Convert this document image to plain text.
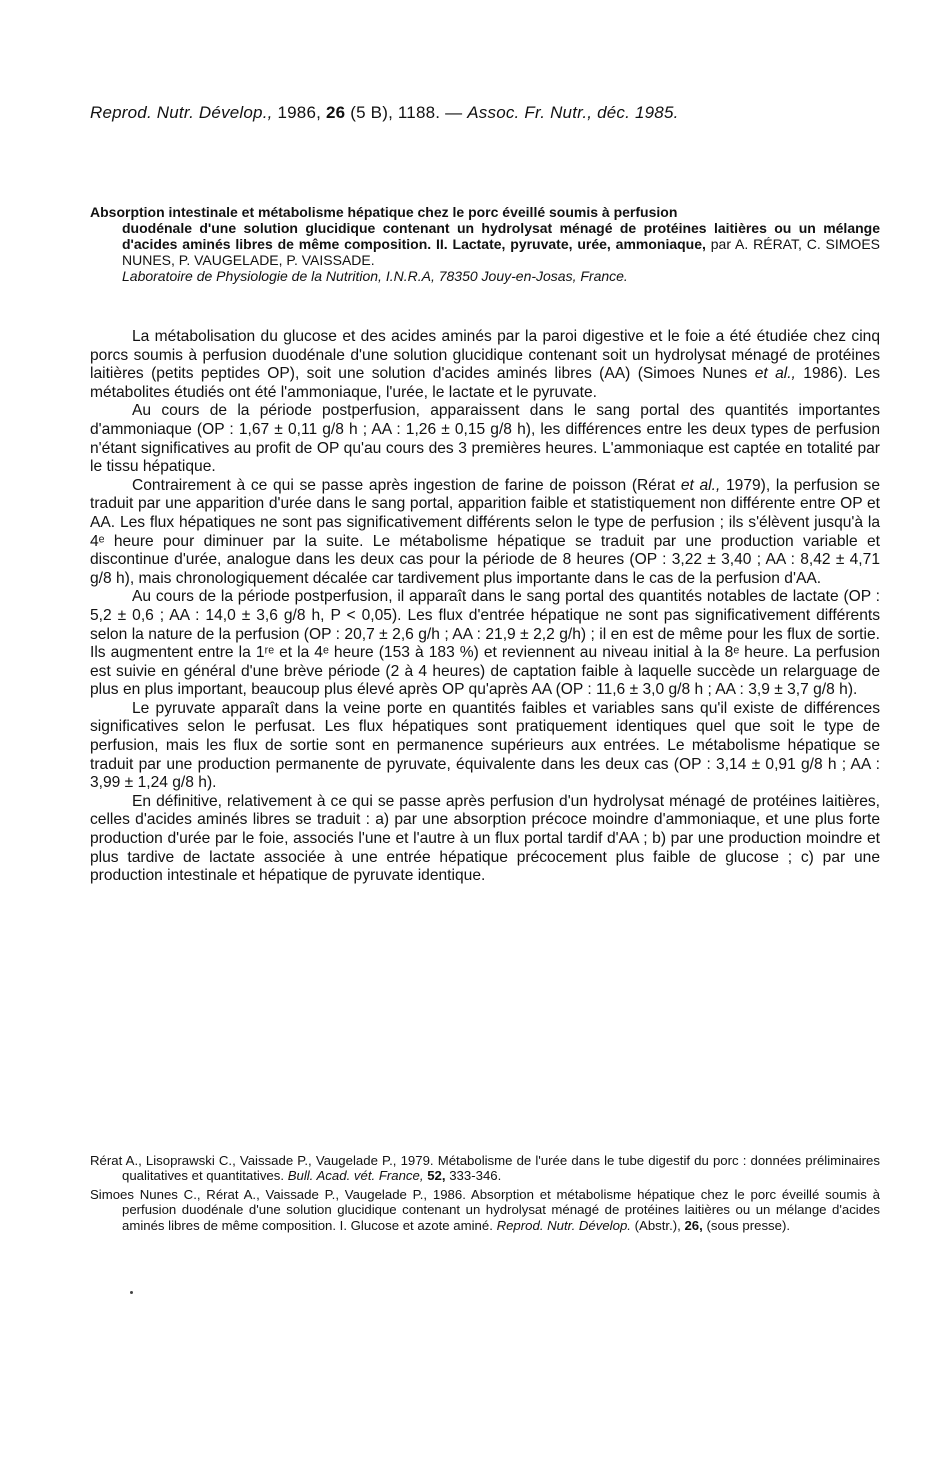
Reprod. Nutr. Dévelop., 1986, 26 (5 B), 1188. — Assoc. Fr. Nutr., déc. 1985.
Absorption intestinale et métabolisme hépatique chez le porc éveillé soumis à perfusion
duodénale d'une solution glucidique contenant un hydrolysat ménagé de protéines laitières ou un mélange d'acides aminés libres de même composition. II. Lactate, pyruvate, urée, ammoniaque, par A. RÉRAT, C. SIMOES NUNES, P. VAUGELADE, P. VAISSADE.
Laboratoire de Physiologie de la Nutrition, I.N.R.A, 78350 Jouy-en-Josas, France.

La métabolisation du glucose et des acides aminés par la paroi digestive et le foie a été étudiée chez cinq porcs soumis à perfusion duodénale d'une solution glucidique contenant soit un hydrolysat ménagé de protéines laitières (petits peptides OP), soit une solution d'acides aminés libres (AA) (Simoes Nunes et al., 1986). Les métabolites étudiés ont été l'ammoniaque, l'urée, le lactate et le pyruvate.

Au cours de la période postperfusion, apparaissent dans le sang portal des quantités importantes d'ammoniaque (OP : 1,67 ± 0,11 g/8 h ; AA : 1,26 ± 0,15 g/8 h), les différences entre les deux types de perfusion n'étant significatives au profit de OP qu'au cours des 3 premières heures. L'ammoniaque est captée en totalité par le tissu hépatique.

Contrairement à ce qui se passe après ingestion de farine de poisson (Rérat et al., 1979), la perfusion se traduit par une apparition d'urée dans le sang portal, apparition faible et statistiquement non différente entre OP et AA. Les flux hépatiques ne sont pas significativement différents selon le type de perfusion ; ils s'élèvent jusqu'à la 4ᵉ heure pour diminuer par la suite. Le métabolisme hépatique se traduit par une production variable et discontinue d'urée, analogue dans les deux cas pour la période de 8 heures (OP : 3,22 ± 3,40 ; AA : 8,42 ± 4,71 g/8 h), mais chronologiquement décalée car tardivement plus importante dans le cas de la perfusion d'AA.

Au cours de la période postperfusion, il apparaît dans le sang portal des quantités notables de lactate (OP : 5,2 ± 0,6 ; AA : 14,0 ± 3,6 g/8 h, P < 0,05). Les flux d'entrée hépatique ne sont pas significativement différents selon la nature de la perfusion (OP : 20,7 ± 2,6 g/h ; AA : 21,9 ± 2,2 g/h) ; il en est de même pour les flux de sortie. Ils augmentent entre la 1ʳᵉ et la 4ᵉ heure (153 à 183 %) et reviennent au niveau initial à la 8ᵉ heure. La perfusion est suivie en général d'une brève période (2 à 4 heures) de captation faible à laquelle succède un relarguage de plus en plus important, beaucoup plus élevé après OP qu'après AA (OP : 11,6 ± 3,0 g/8 h ; AA : 3,9 ± 3,7 g/8 h).

Le pyruvate apparaît dans la veine porte en quantités faibles et variables sans qu'il existe de différences significatives selon le perfusat. Les flux hépatiques sont pratiquement identiques quel que soit le type de perfusion, mais les flux de sortie sont en permanence supérieurs aux entrées. Le métabolisme hépatique se traduit par une production permanente de pyruvate, équivalente dans les deux cas (OP : 3,14 ± 0,91 g/8 h ; AA : 3,99 ± 1,24 g/8 h).

En définitive, relativement à ce qui se passe après perfusion d'un hydrolysat ménagé de protéines laitières, celles d'acides aminés libres se traduit : a) par une absorption précoce moindre d'ammoniaque, et une plus forte production d'urée par le foie, associés l'une et l'autre à un flux portal tardif d'AA ; b) par une production moindre et plus tardive de lactate associée à une entrée hépatique précocement plus faible de glucose ; c) par une production intestinale et hépatique de pyruvate identique.

Rérat A., Lisoprawski C., Vaissade P., Vaugelade P., 1979. Métabolisme de l'urée dans le tube digestif du porc : données préliminaires qualitatives et quantitatives. Bull. Acad. vét. France, 52, 333-346.
Simoes Nunes C., Rérat A., Vaissade P., Vaugelade P., 1986. Absorption et métabolisme hépatique chez le porc éveillé soumis à perfusion duodénale d'une solution glucidique contenant un hydrolysat ménagé de protéines laitières ou un mélange d'acides aminés libres de même composition. I. Glucose et azote aminé. Reprod. Nutr. Dévelop. (Abstr.), 26, (sous presse).
